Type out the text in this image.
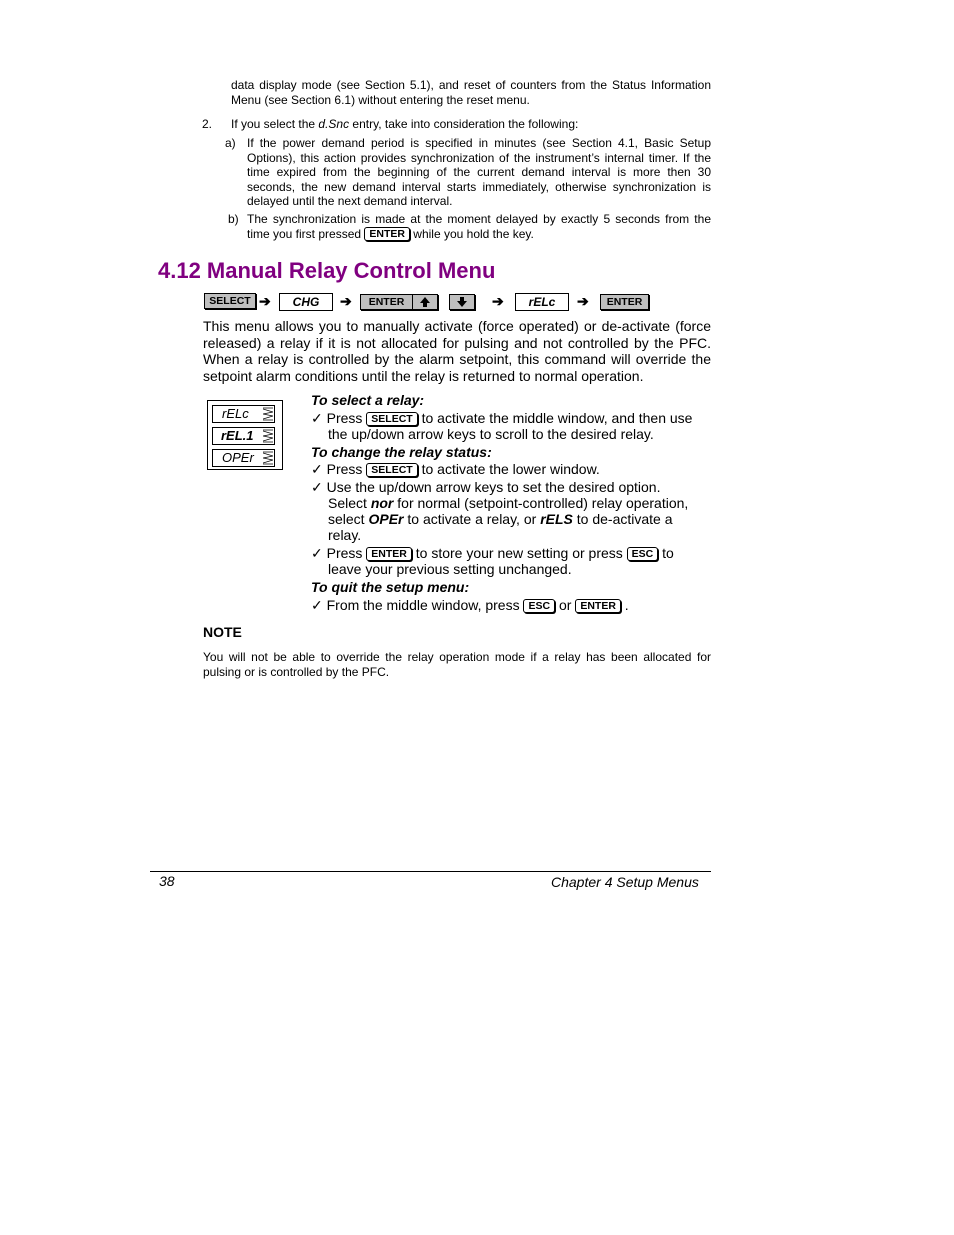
data display mode (see Section 5.1), and reset of counters from the Status Information Menu (see Section 6.1) without entering the reset menu.
2. If you select the d.Snc entry, take into consideration the following:
a) If the power demand period is specified in minutes (see Section 4.1, Basic Setup Options), this action provides synchronization of the instrument’s internal timer. If the time expired from the beginning of the current demand interval is more then 30 seconds, the new demand interval starts immediately, otherwise synchronization is delayed until the next demand interval.
b) The synchronization is made at the moment delayed by exactly 5 seconds from the time you first pressed ENTER while you hold the key.
4.12 Manual Relay Control Menu
SELECT ➔	CHG	➔	ENTER	➔	rELc	➔	ENTER
This menu allows you to manually activate (force operated) or de-activate (force released) a relay if it is not allocated for pulsing and not controlled by the PFC. When a relay is controlled by the alarm setpoint, this command will override the setpoint alarm conditions until the relay is returned to normal operation.
rELc
rEL.1
OPEr
To select a relay:
✓ Press SELECT to activate the middle window, and then use
the up/down arrow keys to scroll to the desired relay.
To change the relay status:
✓ Press SELECT to activate the lower window.
✓ Use the up/down arrow keys to set the desired option.
Select nor for normal (setpoint-controlled) relay operation,
select OPEr to activate a relay, or rELS to de-activate a
relay.
✓ Press ENTER to store your new setting or press ESC to
leave your previous setting unchanged.
To quit the setup menu:
✓ From the middle window, press ESC or ENTER .
NOTE
You will not be able to override the relay operation mode if a relay has been allocated for pulsing or is controlled by the PFC.
38	Chapter 4 Setup Menus
